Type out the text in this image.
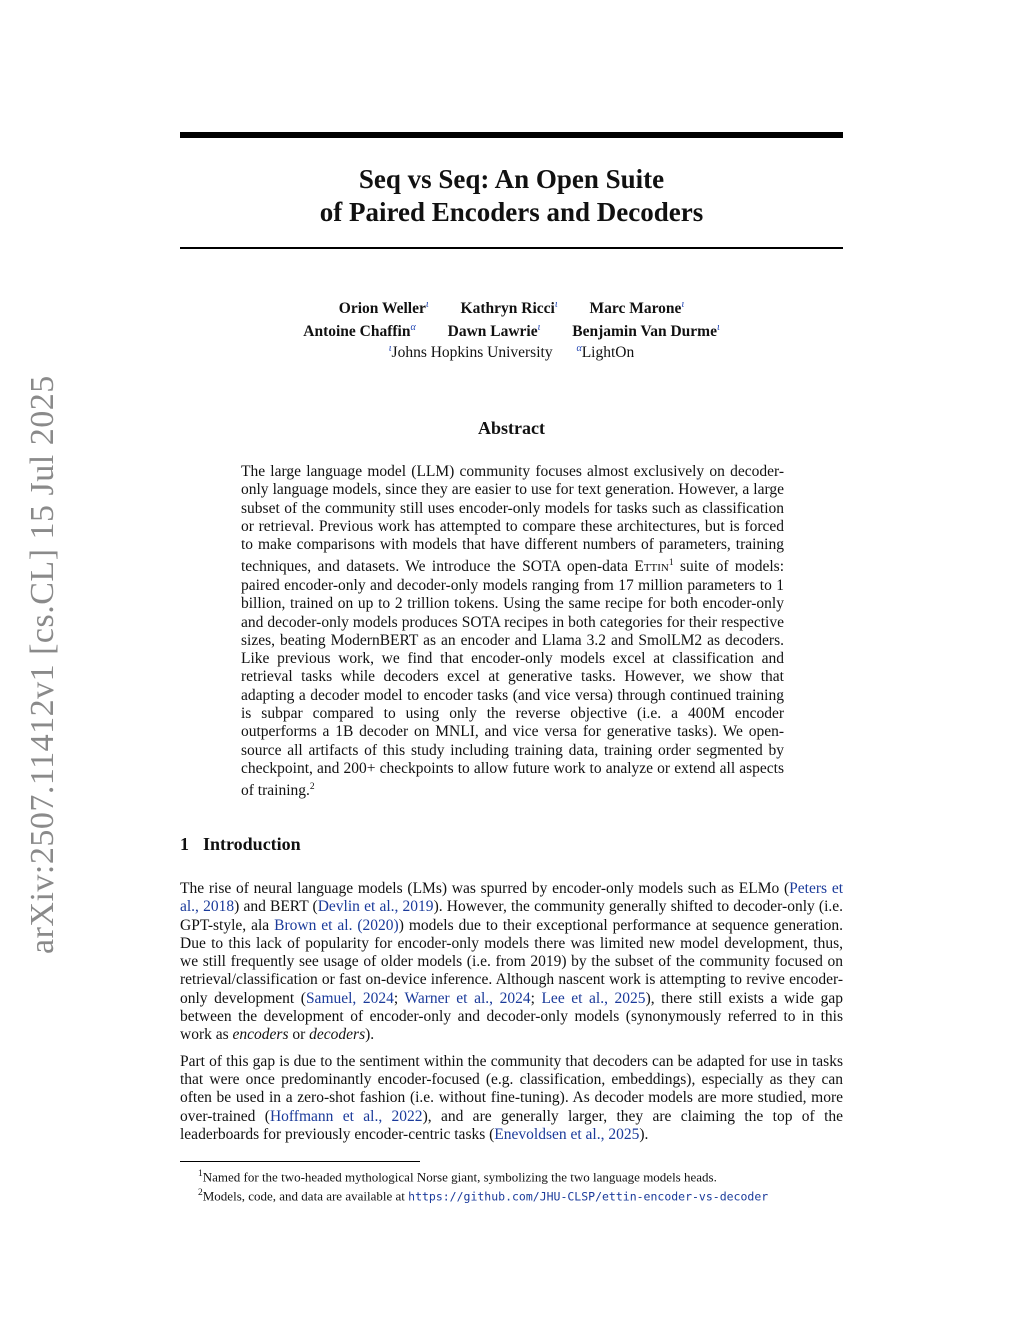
arXiv:2507.11412v1 [cs.CL] 15 Jul 2025
Seq vs Seq: An Open Suite
of Paired Encoders and Decoders
Orion Weller$^\iota$ Kathryn Ricci$^\iota$ Marc Marone$^\iota$
Antoine Chaffin$^\alpha$ Dawn Lawrie$^\iota$ Benjamin Van Durme$^\iota$
$^\iota$Johns Hopkins University $^\alpha$LightOn
Abstract
The large language model (LLM) community focuses almost exclusively on decoder-only language models, since they are easier to use for text generation. However, a large subset of the community still uses encoder-only models for tasks such as classification or retrieval. Previous work has attempted to compare these architectures, but is forced to make comparisons with models that have different numbers of parameters, training techniques, and datasets. We introduce the SOTA open-data Ettin$^1$ suite of models: paired encoder-only and decoder-only models ranging from 17 million parameters to 1 billion, trained on up to 2 trillion tokens. Using the same recipe for both encoder-only and decoder-only models produces SOTA recipes in both categories for their respective sizes, beating ModernBERT as an encoder and Llama 3.2 and SmolLM2 as decoders. Like previous work, we find that encoder-only models excel at classification and retrieval tasks while decoders excel at generative tasks. However, we show that adapting a decoder model to encoder tasks (and vice versa) through continued training is subpar compared to using only the reverse objective (i.e. a 400M encoder outperforms a 1B decoder on MNLI, and vice versa for generative tasks). We open-source all artifacts of this study including training data, training order segmented by checkpoint, and 200+ checkpoints to allow future work to analyze or extend all aspects of training.$^2$
1 Introduction

The rise of neural language models (LMs) was spurred by encoder-only models such as ELMo (Peters et al., 2018) and BERT (Devlin et al., 2019). However, the community generally shifted to decoder-only (i.e. GPT-style, ala Brown et al. (2020)) models due to their exceptional performance at sequence generation. Due to this lack of popularity for encoder-only models there was limited new model development, thus, we still frequently see usage of older models (i.e. from 2019) by the subset of the community focused on retrieval/classification or fast on-device inference. Although nascent work is attempting to revive encoder-only development (Samuel, 2024; Warner et al., 2024; Lee et al., 2025), there still exists a wide gap between the development of encoder-only and decoder-only models (synonymously referred to in this work as encoders or decoders).

Part of this gap is due to the sentiment within the community that decoders can be adapted for use in tasks that were once predominantly encoder-focused (e.g. classification, embeddings), especially as they can often be used in a zero-shot fashion (i.e. without fine-tuning). As decoder models are more studied, more over-trained (Hoffmann et al., 2022), and are generally larger, they are claiming the top of the leaderboards for previously encoder-centric tasks (Enevoldsen et al., 2025).

$^1$Named for the two-headed mythological Norse giant, symbolizing the two language models heads.
$^2$Models, code, and data are available at https://github.com/JHU-CLSP/ettin-encoder-vs-decoder
